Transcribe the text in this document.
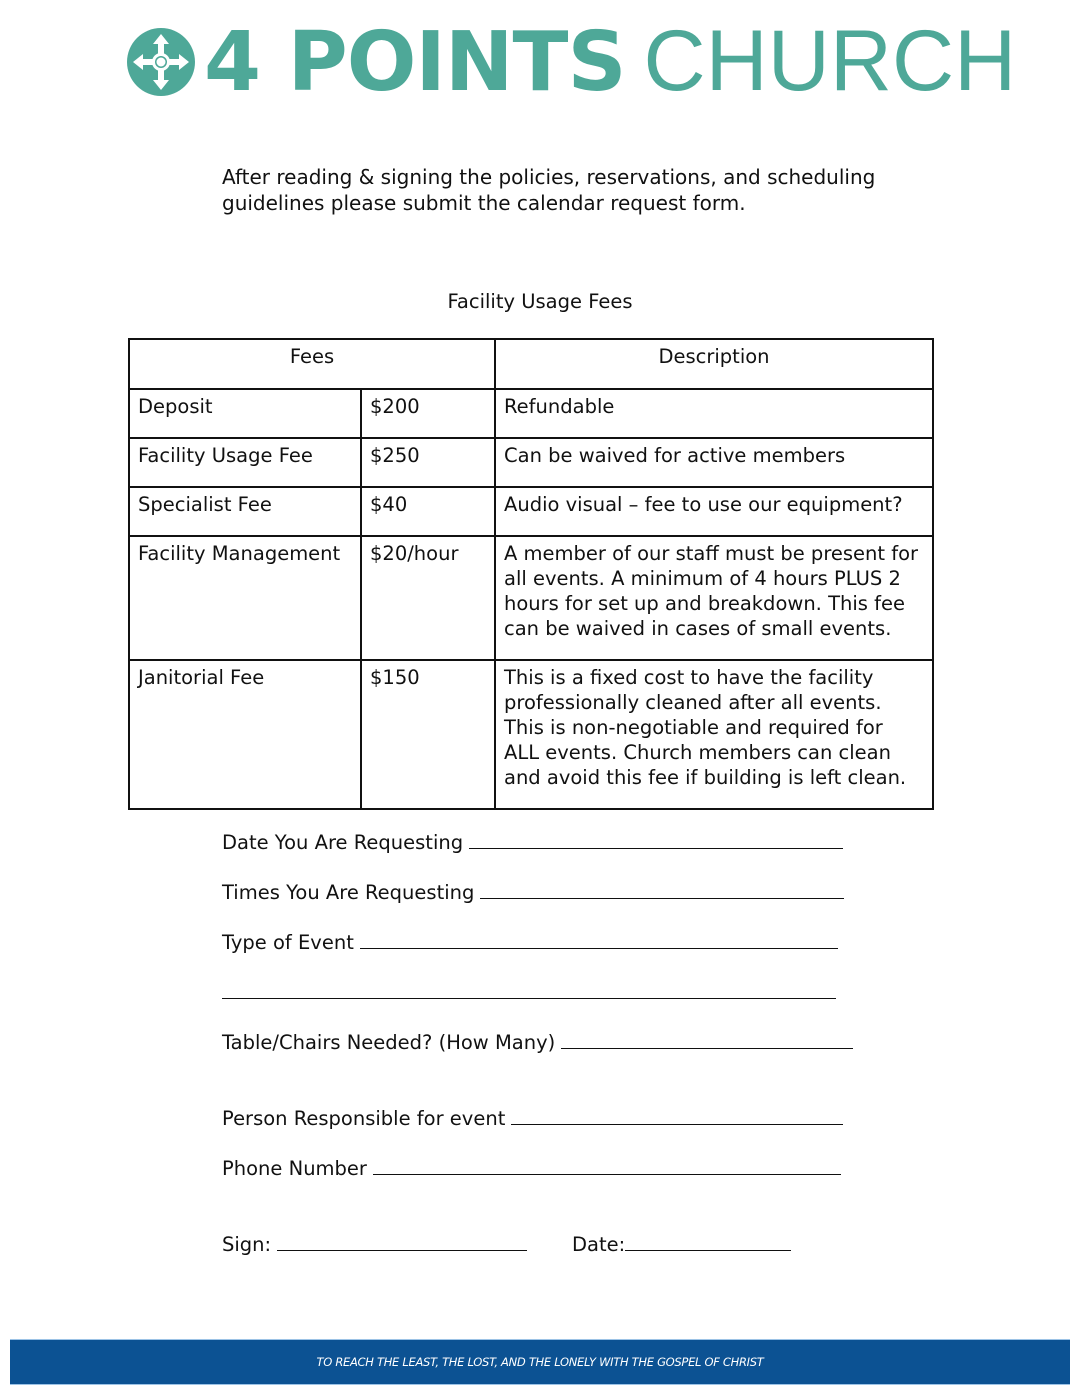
4 POINTS CHURCH
After reading & signing the policies, reservations, and scheduling guidelines please submit the calendar request form.
Facility Usage Fees
Fees		Description
Deposit	$200	Refundable
Facility Usage Fee	$250	Can be waived for active members
Specialist Fee	$40	Audio visual – fee to use our equipment?
Facility Management	$20/hour	A member of our staff must be present for all events. A minimum of 4 hours PLUS 2 hours for set up and breakdown. This fee can be waived in cases of small events.
Janitorial Fee	$150	This is a fixed cost to have the facility professionally cleaned after all events. This is non-negotiable and required for ALL events. Church members can clean and avoid this fee if building is left clean.
Date You Are Requesting
Times You Are Requesting
Type of Event
Table/Chairs Needed? (How Many)
Person Responsible for event
Phone Number
Sign:	Date:
TO REACH THE LEAST, THE LOST, AND THE LONELY WITH THE GOSPEL OF CHRIST
